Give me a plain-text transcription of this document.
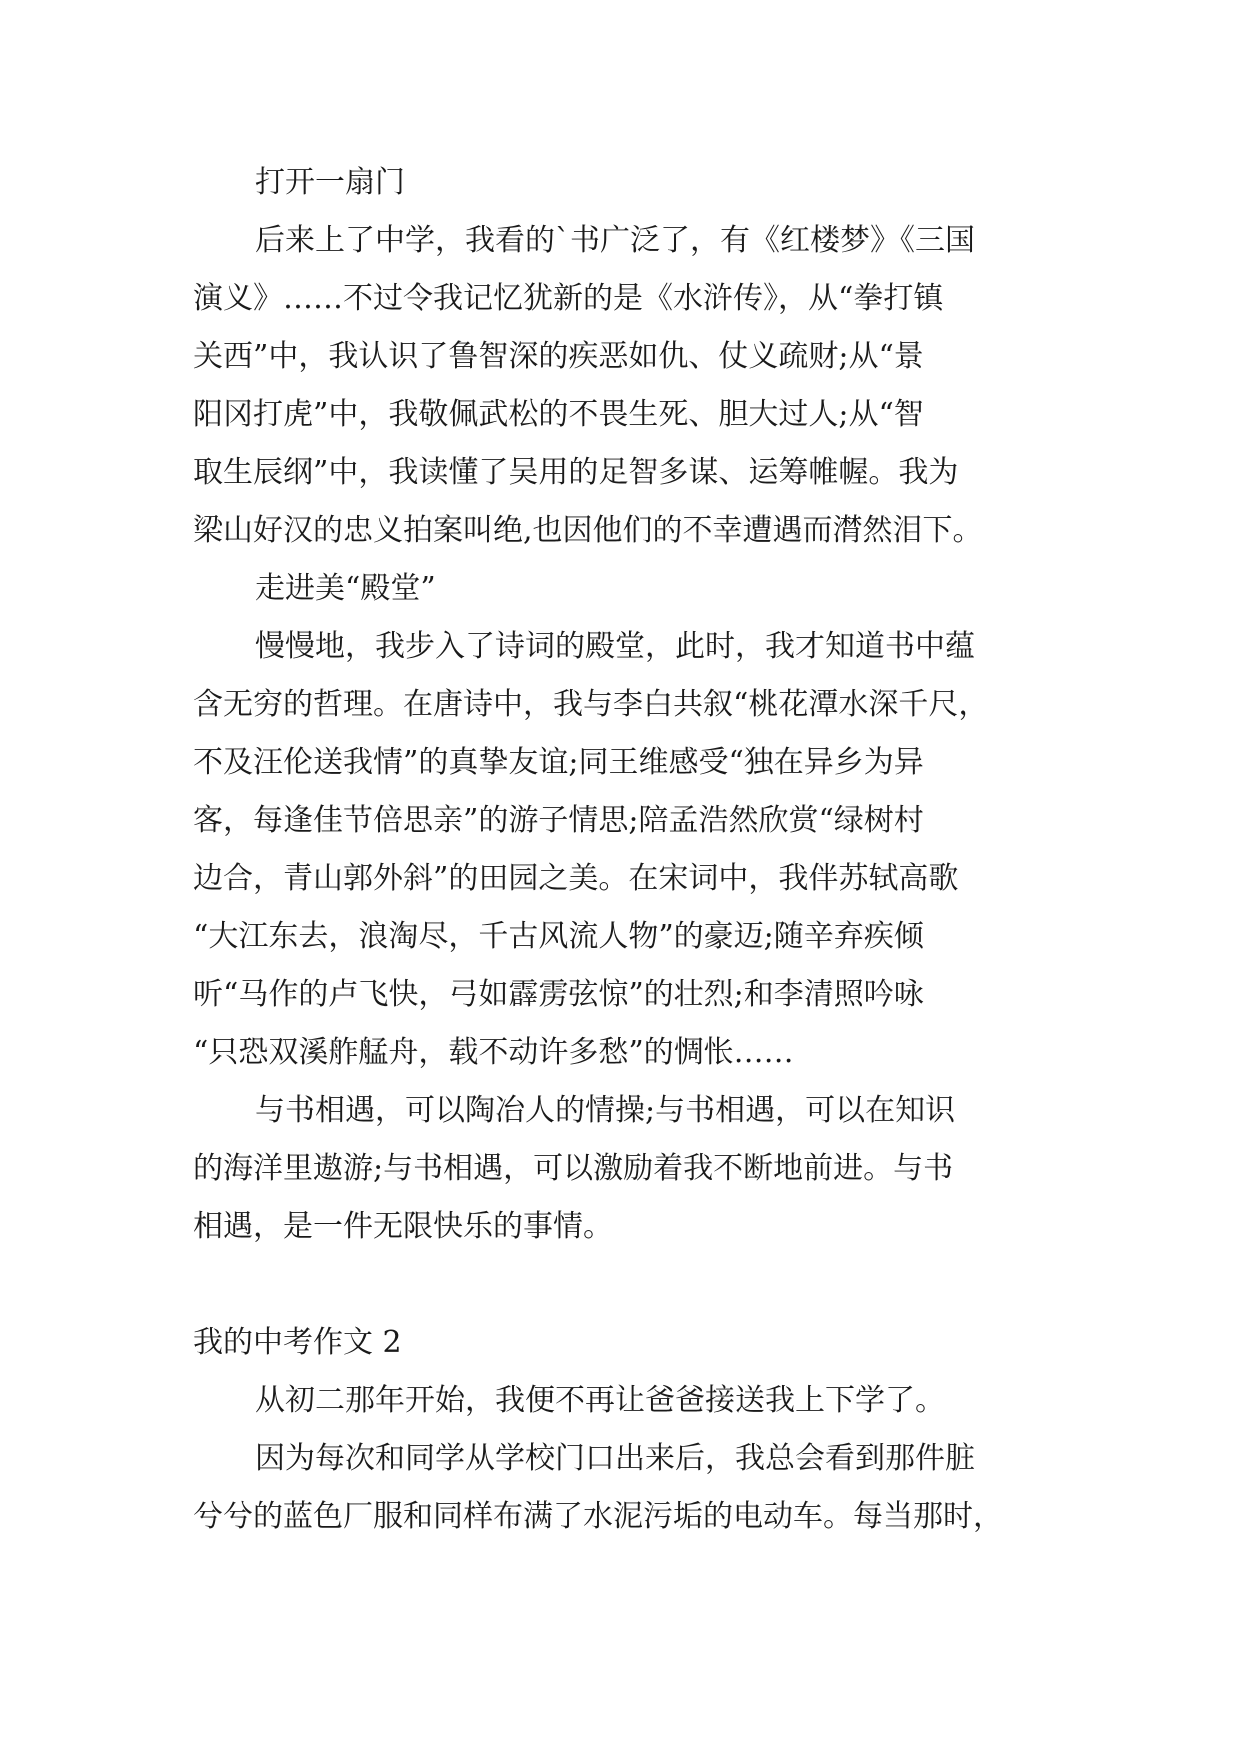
打开一扇门
后来上了中学，我看的`书广泛了，有《红楼梦》《三国
演义》……不过令我记忆犹新的是《水浒传》，从“拳打镇
关西”中，我认识了鲁智深的疾恶如仇、仗义疏财;从“景
阳冈打虎”中，我敬佩武松的不畏生死、胆大过人;从“智
取生辰纲”中，我读懂了吴用的足智多谋、运筹帷幄。我为
梁山好汉的忠义拍案叫绝,也因他们的不幸遭遇而潸然泪下。
走进美“殿堂”
慢慢地，我步入了诗词的殿堂，此时，我才知道书中蕴
含无穷的哲理。在唐诗中，我与李白共叙“桃花潭水深千尺，
不及汪伦送我情”的真挚友谊;同王维感受“独在异乡为异
客，每逢佳节倍思亲”的游子情思;陪孟浩然欣赏“绿树村
边合，青山郭外斜”的田园之美。在宋词中，我伴苏轼高歌
“大江东去，浪淘尽，千古风流人物”的豪迈;随辛弃疾倾
听“马作的卢飞快，弓如霹雳弦惊”的壮烈;和李清照吟咏
“只恐双溪舴艋舟，载不动许多愁”的惆怅……
与书相遇，可以陶冶人的情操;与书相遇，可以在知识
的海洋里遨游;与书相遇，可以激励着我不断地前进。与书
相遇，是一件无限快乐的事情。
我的中考作文 2
从初二那年开始，我便不再让爸爸接送我上下学了。
因为每次和同学从学校门口出来后，我总会看到那件脏
兮兮的蓝色厂服和同样布满了水泥污垢的电动车。每当那时，
